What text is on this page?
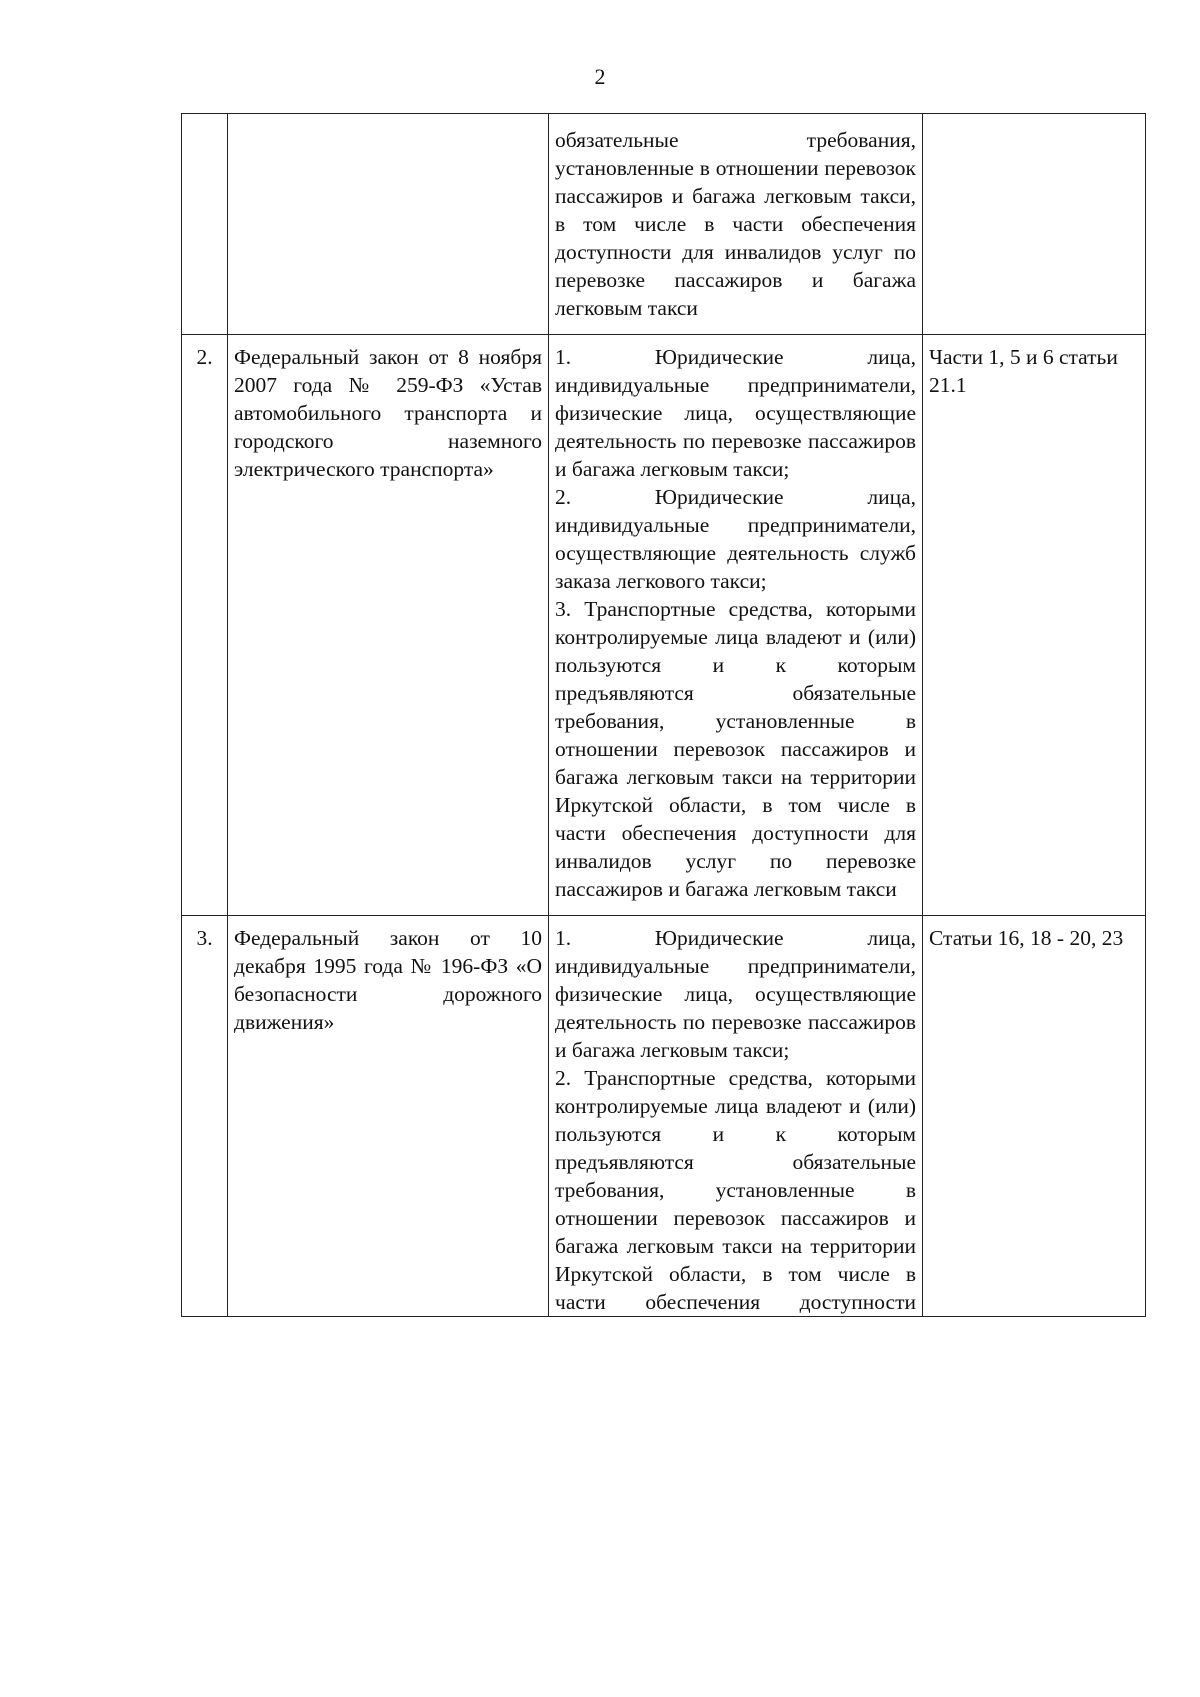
2

		обязательные требования, установленные в отношении перевозок пассажиров и багажа легковым такси, в том числе в части обеспечения доступности для инвалидов услуг по перевозке пассажиров и багажа легковым такси	

2.	Федеральный закон от 8 ноября 2007 года № 259-ФЗ «Устав автомобильного транспорта и городского наземного электрического транспорта»	1. Юридические лица, индивидуальные предприниматели, физические лица, осуществляющие деятельность по перевозке пассажиров и багажа легковым такси;
2. Юридические лица, индивидуальные предприниматели, осуществляющие деятельность служб заказа легкового такси;
3. Транспортные средства, которыми контролируемые лица владеют и (или) пользуются и к которым предъявляются обязательные требования, установленные в отношении перевозок пассажиров и багажа легковым такси на территории Иркутской области, в том числе в части обеспечения доступности для инвалидов услуг по перевозке пассажиров и багажа легковым такси	Части 1, 5 и 6 статьи 21.1
3.	Федеральный закон от 10 декабря 1995 года № 196-ФЗ «О безопасности дорожного движения»	1. Юридические лица, индивидуальные предприниматели, физические лица, осуществляющие деятельность по перевозке пассажиров и багажа легковым такси;
2. Транспортные средства, которыми контролируемые лица владеют и (или) пользуются и к которым предъявляются обязательные требования, установленные в отношении перевозок пассажиров и багажа легковым такси на территории Иркутской области, в том числе в части обеспечения доступности	Статьи 16, 18 - 20, 23
